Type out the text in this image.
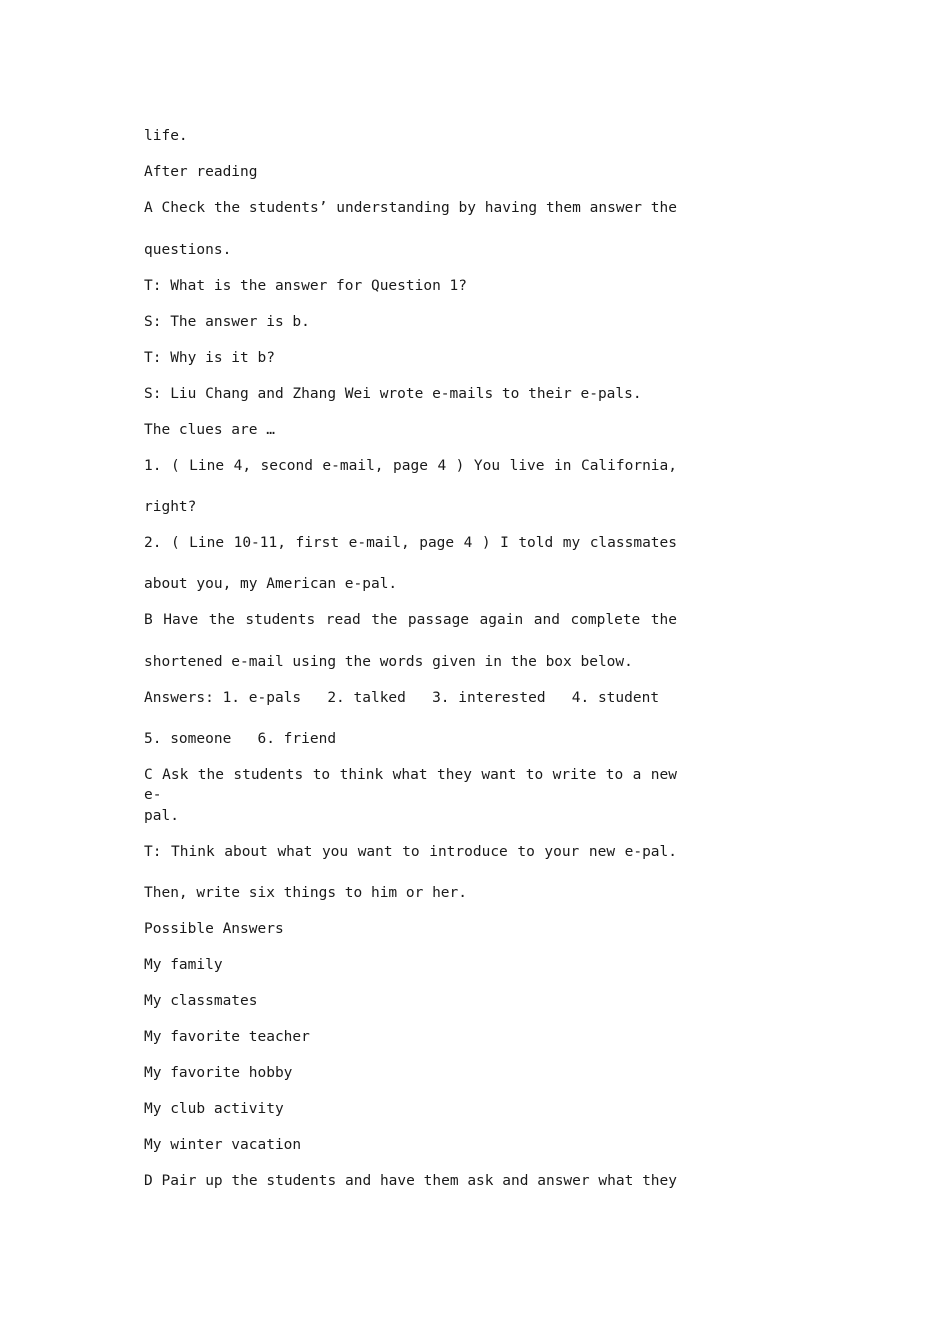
life.
After reading
A Check the students’ understanding by having them answer the
questions.
T: What is the answer for Question 1?
S: The answer is b.
T: Why is it b?
S: Liu Chang and Zhang Wei wrote e-mails to their e-pals.
The clues are …
1. ( Line 4, second e-mail, page 4 ) You live in California,
right?
2. ( Line 10-11, first e-mail, page 4 ) I told my classmates
about you, my American e-pal.
B Have the students read the passage again and complete the
shortened e-mail using the words given in the box below.
Answers: 1. e-pals   2. talked   3. interested   4. student
5. someone   6. friend
C Ask the students to think what they want to write to a new e-
pal.
T: Think about what you want to introduce to your new e-pal.
Then, write six things to him or her.
Possible Answers
My family
My classmates
My favorite teacher
My favorite hobby
My club activity
My winter vacation
D Pair up the students and have them ask and answer what they
